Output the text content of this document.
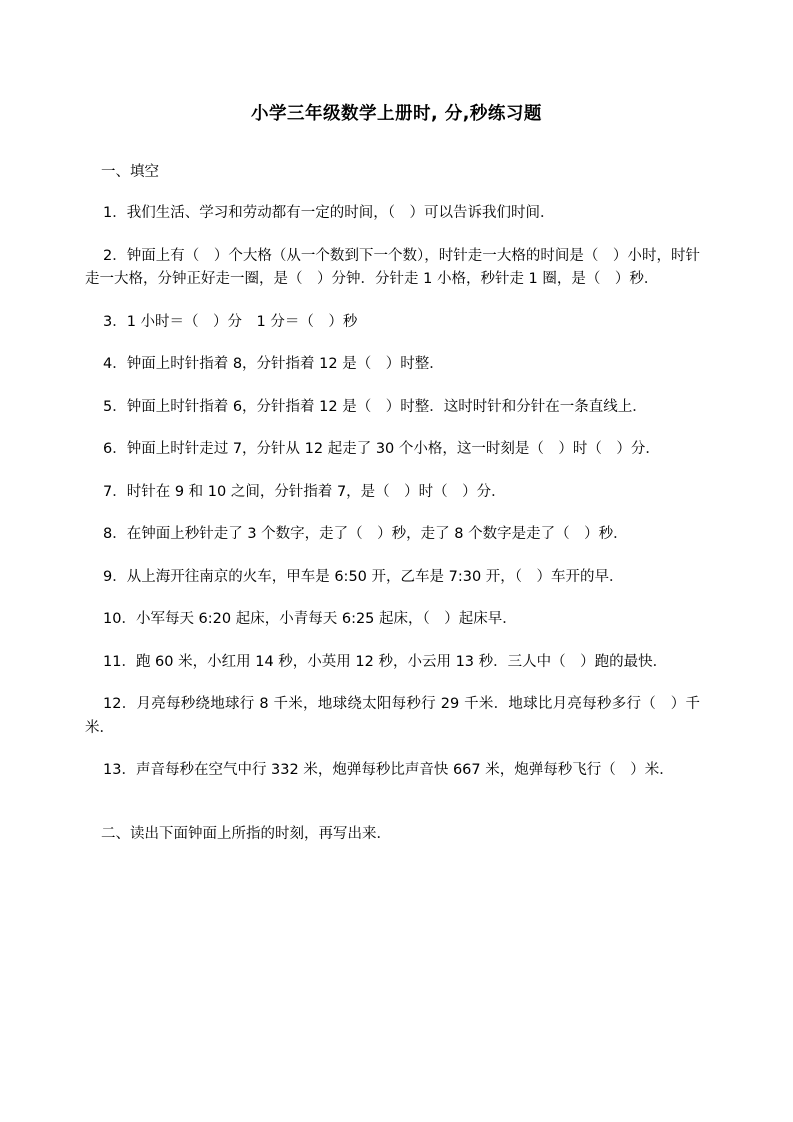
小学三年级数学上册时, 分,秒练习题
一、填空
1．我们生活、学习和劳动都有一定的时间，（　）可以告诉我们时间．
2．钟面上有（　）个大格（从一个数到下一个数），时针走一大格的时间是（　）小时，时针走一大格，分钟正好走一圈，是（　）分钟．分针走 1 小格，秒针走 1 圈，是（　）秒．
3．1 小时＝（　）分　1 分＝（　）秒
4．钟面上时针指着 8，分针指着 12 是（　）时整．
5．钟面上时针指着 6，分针指着 12 是（　）时整．这时时针和分针在一条直线上．
6．钟面上时针走过 7，分针从 12 起走了 30 个小格，这一时刻是（　）时（　）分．
7．时针在 9 和 10 之间，分针指着 7，是（　）时（　）分．
8．在钟面上秒针走了 3 个数字，走了（　）秒，走了 8 个数字是走了（　）秒．
9．从上海开往南京的火车，甲车是 6:50 开，乙车是 7:30 开，（　）车开的早．
10．小军每天 6:20 起床，小青每天 6:25 起床，（　）起床早．
11．跑 60 米，小红用 14 秒，小英用 12 秒，小云用 13 秒．三人中（　）跑的最快．
12．月亮每秒绕地球行 8 千米，地球绕太阳每秒行 29 千米．地球比月亮每秒多行（　）千米．
13．声音每秒在空气中行 332 米，炮弹每秒比声音快 667 米，炮弹每秒飞行（　）米．
二、读出下面钟面上所指的时刻，再写出来．
